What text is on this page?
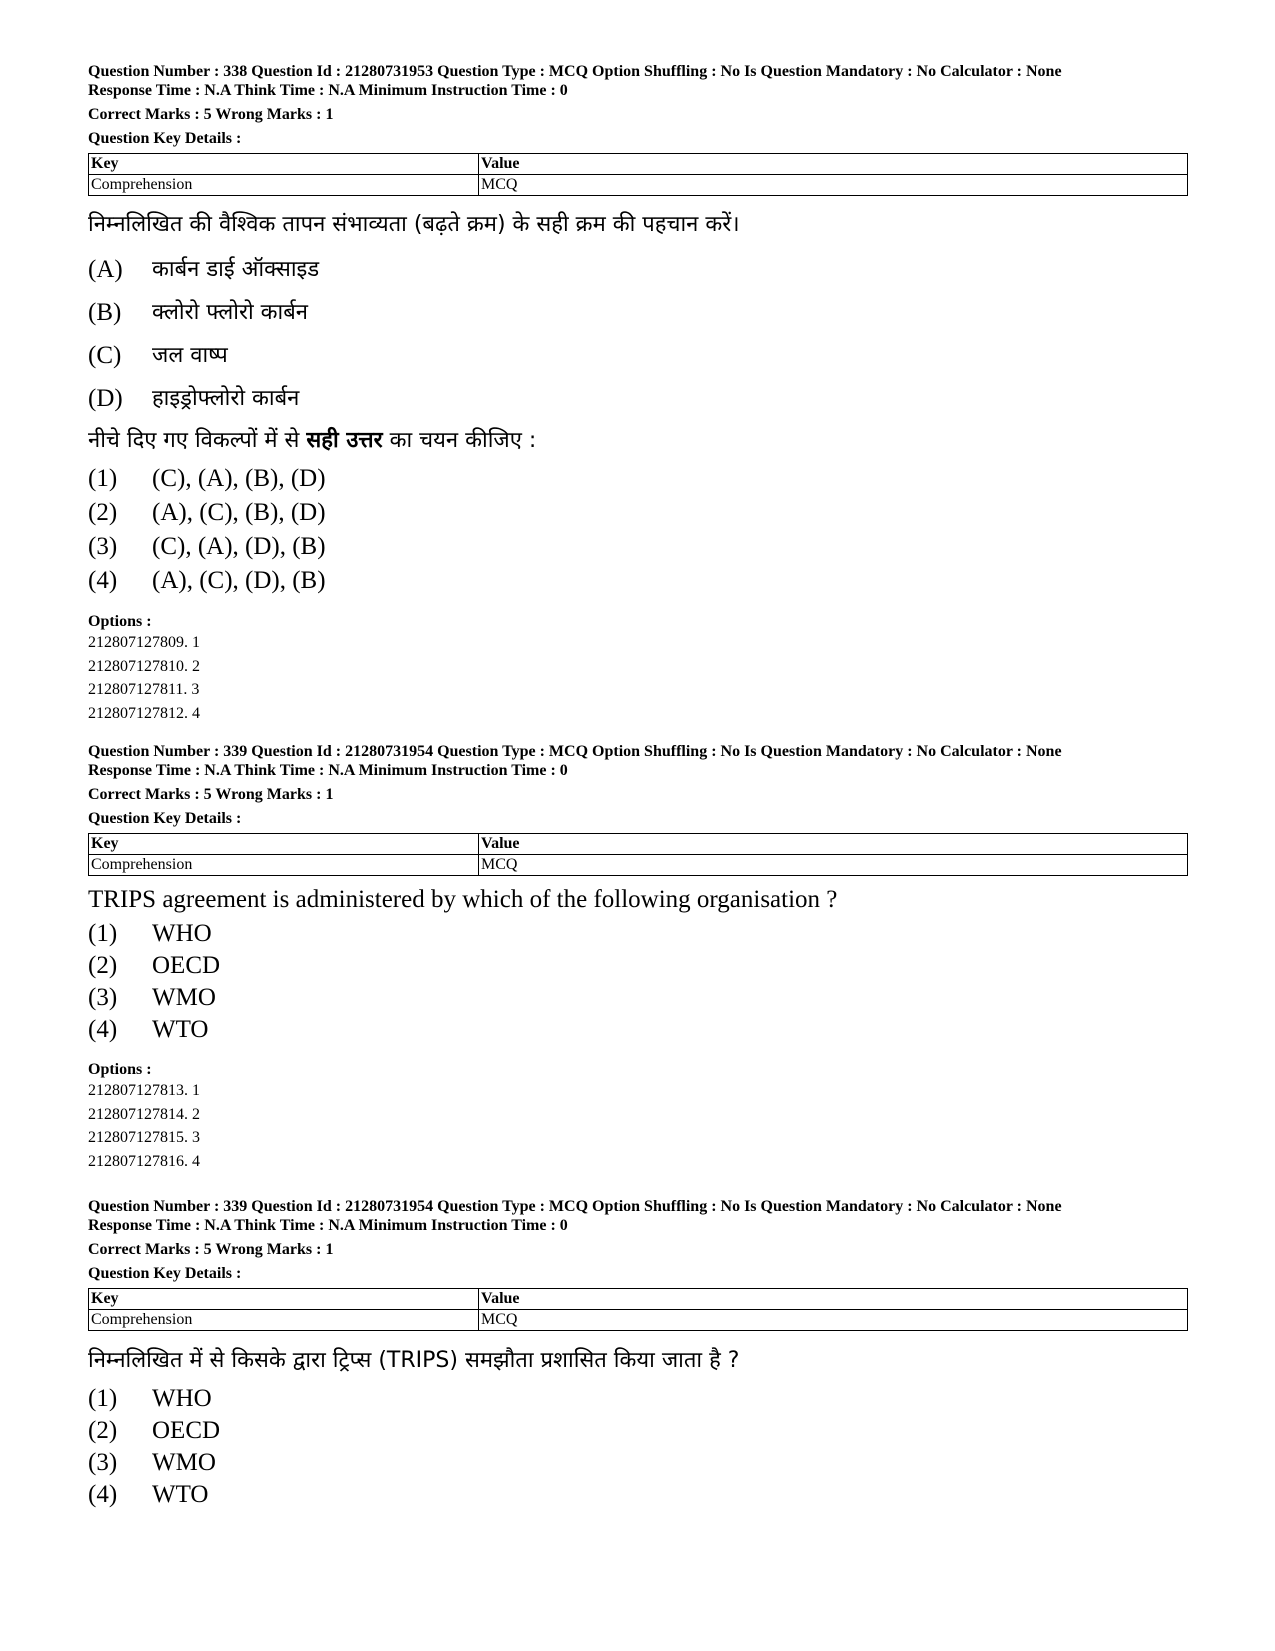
Question Number : 338 Question Id : 21280731953 Question Type : MCQ Option Shuffling : No Is Question Mandatory : No Calculator : None
Response Time : N.A Think Time : N.A Minimum Instruction Time : 0

Correct Marks : 5 Wrong Marks : 1
Question Key Details :
Key	Value
Comprehension	MCQ
निम्नलिखित की वैश्विक तापन संभाव्यता (बढ़ते क्रम) के सही क्रम की पहचान करें।
(A)	कार्बन डाई ऑक्साइड
(B)	क्लोरो फ्लोरो कार्बन
(C)	जल वाष्प
(D)	हाइड्रोफ्लोरो कार्बन
नीचे दिए गए विकल्पों में से सही उत्तर का चयन कीजिए :
(1)	(C), (A), (B), (D)
(2)	(A), (C), (B), (D)
(3)	(C), (A), (D), (B)
(4)	(A), (C), (D), (B)
Options :
212807127809. 1
212807127810. 2
212807127811. 3
212807127812. 4

Question Number : 339 Question Id : 21280731954 Question Type : MCQ Option Shuffling : No Is Question Mandatory : No Calculator : None
Response Time : N.A Think Time : N.A Minimum Instruction Time : 0

Correct Marks : 5 Wrong Marks : 1
Question Key Details :
Key	Value
Comprehension	MCQ
TRIPS agreement is administered by which of the following organisation ?
(1)	WHO
(2)	OECD
(3)	WMO
(4)	WTO
Options :
212807127813. 1
212807127814. 2
212807127815. 3
212807127816. 4

Question Number : 339 Question Id : 21280731954 Question Type : MCQ Option Shuffling : No Is Question Mandatory : No Calculator : None
Response Time : N.A Think Time : N.A Minimum Instruction Time : 0

Correct Marks : 5 Wrong Marks : 1
Question Key Details :
Key	Value
Comprehension	MCQ
निम्नलिखित में से किसके द्वारा ट्रिप्स (TRIPS) समझौता प्रशासित किया जाता है ?
(1)	WHO
(2)	OECD
(3)	WMO
(4)	WTO
